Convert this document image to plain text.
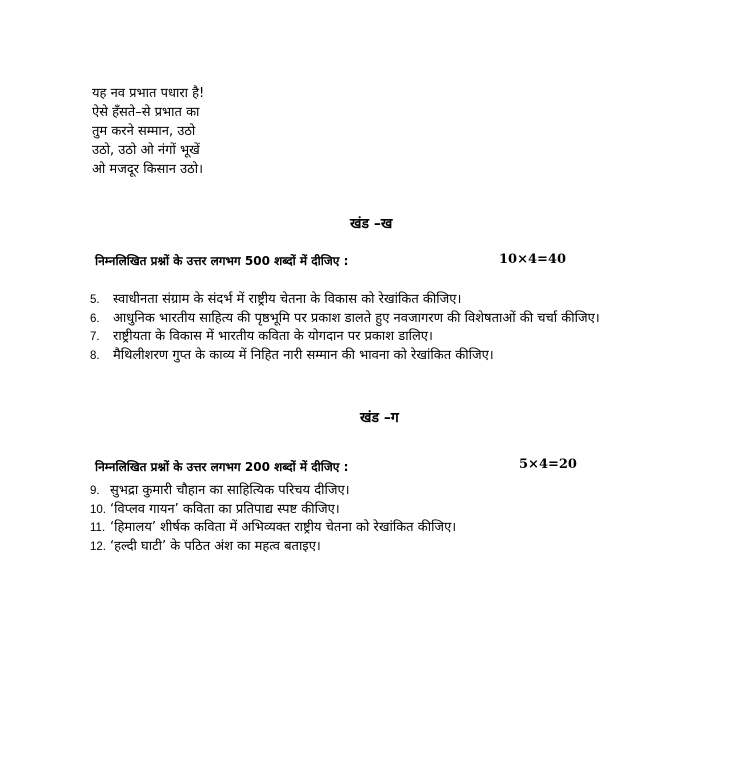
यह नव प्रभात पधारा है!
ऐसे हँसते–से प्रभात का
तुम करने सम्मान, उठो
उठो, उठो ओ नंगों भूखें
ओ मजदूर किसान उठो।
खंड –ख
निम्नलिखित प्रश्नों के उत्तर लगभग 500 शब्दों में दीजिए :	10×4=40
5.	स्वाधीनता संग्राम के संदर्भ में राष्ट्रीय चेतना के विकास को रेखांकित कीजिए।
6.	आधुनिक भारतीय साहित्य की पृष्ठभूमि पर प्रकाश डालते हुए नवजागरण की विशेषताओं की चर्चा कीजिए।
7.	राष्ट्रीयता के विकास में भारतीय कविता के योगदान पर प्रकाश डालिए।
8.	मैथिलीशरण गुप्त के काव्य में निहित नारी सम्मान की भावना को रेखांकित कीजिए।
खंड –ग
निम्नलिखित प्रश्नों के उत्तर लगभग 200 शब्दों में दीजिए :	5×4=20
9. सुभद्रा कुमारी चौहान का साहित्यिक परिचय दीजिए।
10. ‘विप्लव गायन’ कविता का प्रतिपाद्य स्पष्ट कीजिए।
11. ‘हिमालय’ शीर्षक कविता में अभिव्यक्त राष्ट्रीय चेतना को रेखांकित कीजिए।
12. ‘हल्दी घाटी’ के पठित अंश का महत्व बताइए।
